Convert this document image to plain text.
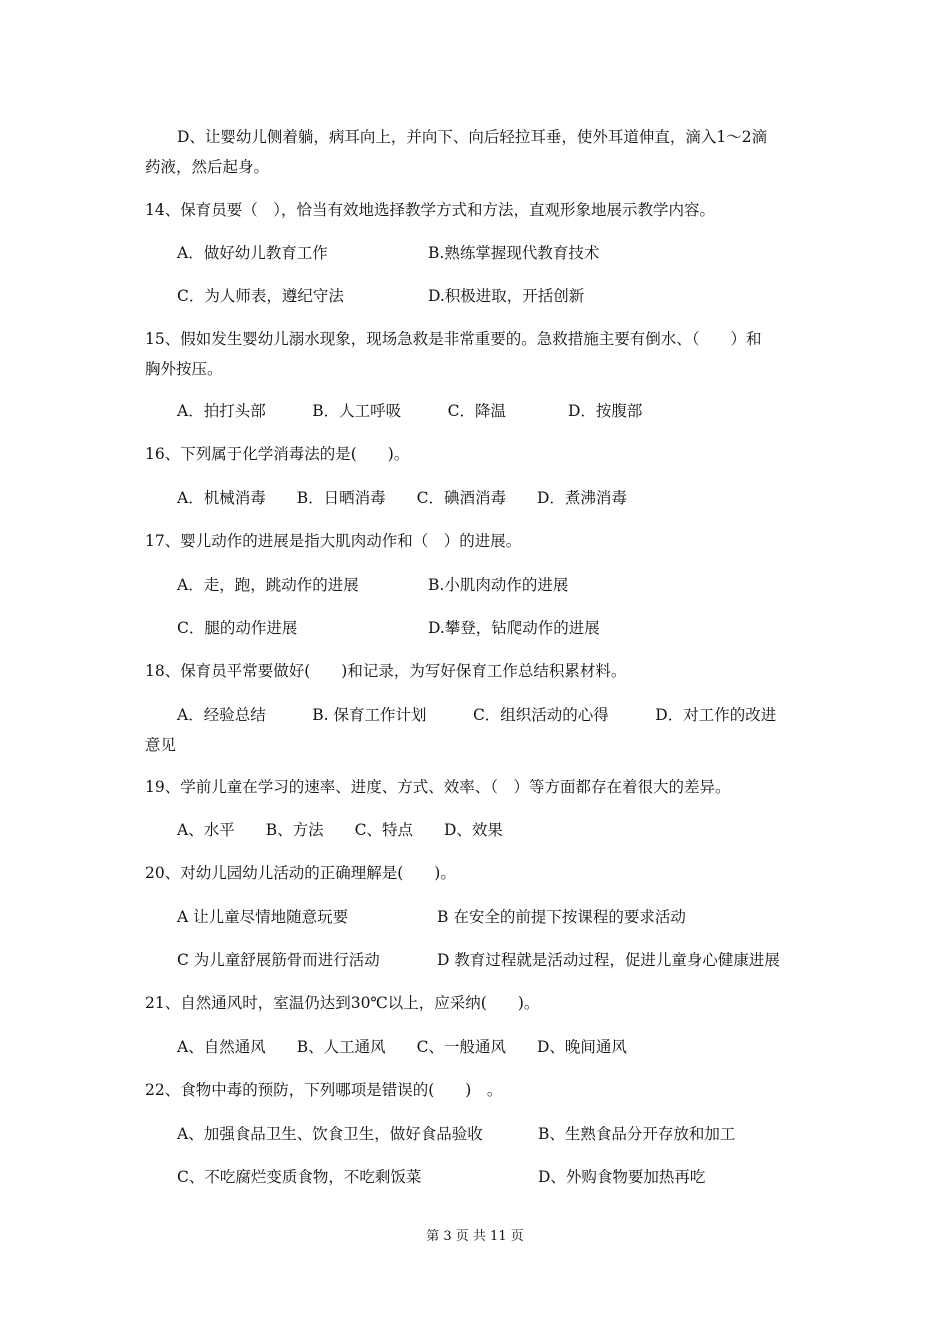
D、让婴幼儿侧着躺，病耳向上，并向下、向后轻拉耳垂，使外耳道伸直，滴入1～2滴
药液，然后起身。
14、保育员要（　），恰当有效地选择教学方式和方法，直观形象地展示教学内容。
A．做好幼儿教育工作	B.熟练掌握现代教育技术
C．为人师表，遵纪守法	D.积极进取，开括创新
15、假如发生婴幼儿溺水现象，现场急救是非常重要的。急救措施主要有倒水、（　　）和
胸外按压。
A．拍打头部　　　B．人工呼吸　　　C．降温　　　　D．按腹部
16、下列属于化学消毒法的是(　　)。
A．机械消毒　　B．日晒消毒　　C．碘酒消毒　　D．煮沸消毒
17、婴儿动作的进展是指大肌肉动作和（　）的进展。
A．走，跑，跳动作的进展	B.小肌肉动作的进展
C．腿的动作进展	D.攀登，钻爬动作的进展
18、保育员平常要做好(　　)和记录，为写好保育工作总结积累材料。
A．经验总结　　　B. 保育工作计划　　　C．组织活动的心得　　　D．对工作的改进
意见
19、学前儿童在学习的速率、进度、方式、效率、（　）等方面都存在着很大的差异。
A、水平　　B、方法　　C、特点　　D、效果
20、对幼儿园幼儿活动的正确理解是(　　)。
A 让儿童尽情地随意玩要	B 在安全的前提下按课程的要求活动
C 为儿童舒展筋骨而进行活动	D 教育过程就是活动过程，促进儿童身心健康进展
21、自然通风时，室温仍达到30℃以上，应采纳(　　)。
A、自然通风　　B、人工通风　　C、一般通风　　D、晚间通风
22、食物中毒的预防，下列哪项是错误的(　　)　。
A、加强食品卫生、饮食卫生，做好食品验收	B、生熟食品分开存放和加工
C、不吃腐烂变质食物，不吃剩饭菜	D、外购食物要加热再吃
第 3 页 共 11 页
